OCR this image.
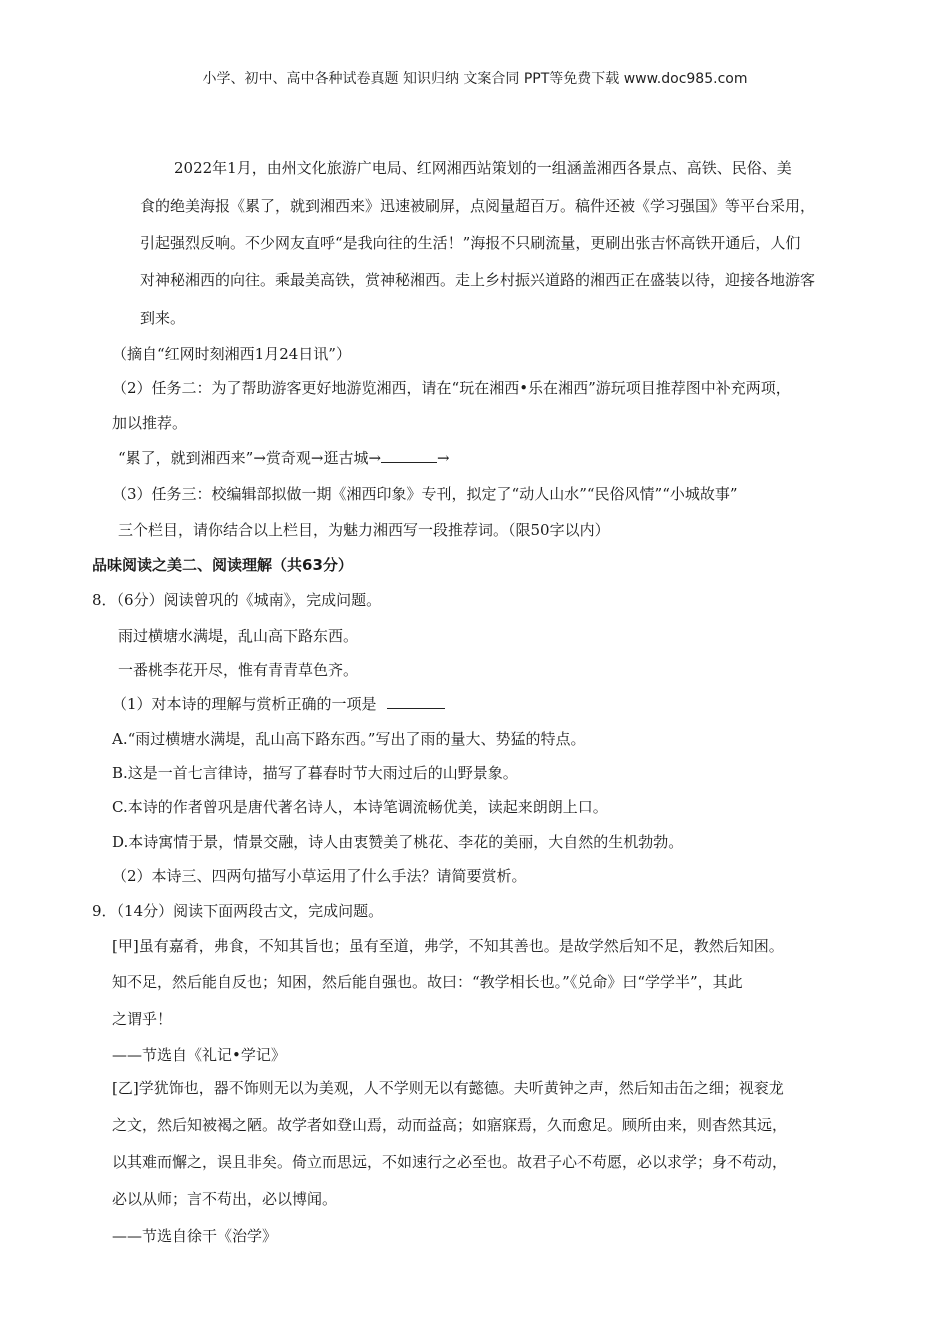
小学、初中、高中各种试卷真题 知识归纳 文案合同 PPT等免费下载 www.doc985.com
2022年1月，由州文化旅游广电局、红网湘西站策划的一组涵盖湘西各景点、高铁、民俗、美
食的绝美海报《累了，就到湘西来》迅速被刷屏，点阅量超百万。稿件还被《学习强国》等平台采用，
引起强烈反响。不少网友直呼“是我向往的生活！”海报不只刷流量，更刷出张吉怀高铁开通后，人们
对神秘湘西的向往。乘最美高铁，赏神秘湘西。走上乡村振兴道路的湘西正在盛装以待，迎接各地游客
到来。
（摘自“红网时刻湘西1月24日讯”）
（2）任务二：为了帮助游客更好地游览湘西，请在“玩在湘西•乐在湘西”游玩项目推荐图中补充两项，
加以推荐。
“累了，就到湘西来”→赏奇观→逛古城→	→
（3）任务三：校编辑部拟做一期《湘西印象》专刊，拟定了“动人山水”“民俗风情”“小城故事”
三个栏目，请你结合以上栏目，为魅力湘西写一段推荐词。（限50字以内）
品味阅读之美二、阅读理解（共63分）
8．（6分）阅读曾巩的《城南》，完成问题。
雨过横塘水满堤，乱山高下路东西。
一番桃李花开尽，惟有青青草色齐。
（1）对本诗的理解与赏析正确的一项是
A.“雨过横塘水满堤，乱山高下路东西。”写出了雨的量大、势猛的特点。
B.这是一首七言律诗，描写了暮春时节大雨过后的山野景象。
C.本诗的作者曾巩是唐代著名诗人，本诗笔调流畅优美，读起来朗朗上口。
D.本诗寓情于景，情景交融，诗人由衷赞美了桃花、李花的美丽，大自然的生机勃勃。
（2）本诗三、四两句描写小草运用了什么手法？请简要赏析。
9．（14分）阅读下面两段古文，完成问题。
[甲]虽有嘉肴，弗食，不知其旨也；虽有至道，弗学，不知其善也。是故学然后知不足，教然后知困。
知不足，然后能自反也；知困，然后能自强也。故曰：“教学相长也。”《兑命》曰“学学半”，其此
之谓乎！
——节选自《礼记•学记》
[乙]学犹饰也，器不饰则无以为美观，人不学则无以有懿德。夫听黄钟之声，然后知击缶之细；视衮龙
之文，然后知被褐之陋。故学者如登山焉，动而益高；如寤寐焉，久而愈足。顾所由来，则杳然其远，
以其难而懈之，误且非矣。倚立而思远，不如速行之必至也。故君子心不苟愿，必以求学；身不苟动，
必以从师；言不苟出，必以博闻。
——节选自徐干《治学》
